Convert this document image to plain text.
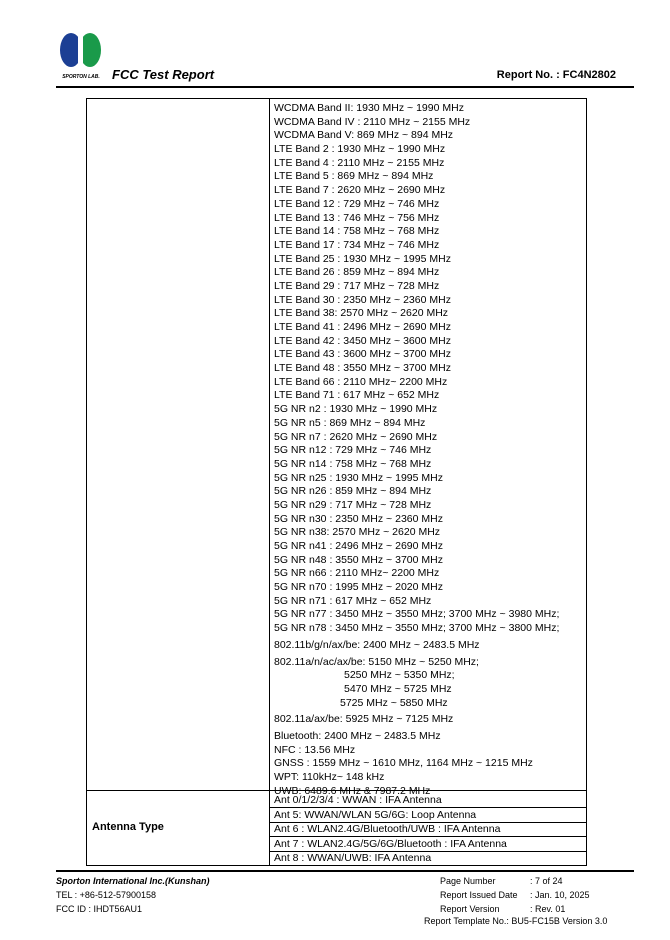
SPORTON LAB. FCC Test Report	Report No. : FC4N2802
WCDMA Band II: 1930 MHz ~ 1990 MHz
WCDMA Band IV : 2110 MHz ~ 2155 MHz
WCDMA Band V: 869 MHz ~ 894 MHz
LTE Band 2 : 1930 MHz ~ 1990 MHz
LTE Band 4 : 2110 MHz ~ 2155 MHz
LTE Band 5 : 869 MHz ~ 894 MHz
LTE Band 7 : 2620 MHz ~ 2690 MHz
LTE Band 12 : 729 MHz ~ 746 MHz
LTE Band 13 : 746 MHz ~ 756 MHz
LTE Band 14 : 758 MHz ~ 768 MHz
LTE Band 17 : 734 MHz ~ 746 MHz
LTE Band 25 : 1930 MHz ~ 1995 MHz
LTE Band 26 : 859 MHz ~ 894 MHz
LTE Band 29 : 717 MHz ~ 728 MHz
LTE Band 30 : 2350 MHz ~ 2360 MHz
LTE Band 38: 2570 MHz ~ 2620 MHz
LTE Band 41 : 2496 MHz ~ 2690 MHz
LTE Band 42 : 3450 MHz ~ 3600 MHz
LTE Band 43 : 3600 MHz ~ 3700 MHz
LTE Band 48 : 3550 MHz ~ 3700 MHz
LTE Band 66 : 2110 MHz~ 2200 MHz
LTE Band 71 : 617 MHz ~ 652 MHz
5G NR n2 : 1930 MHz ~ 1990 MHz
5G NR n5 : 869 MHz ~ 894 MHz
5G NR n7 : 2620 MHz ~ 2690 MHz
5G NR n12 : 729 MHz ~ 746 MHz
5G NR n14 : 758 MHz ~ 768 MHz
5G NR n25 : 1930 MHz ~ 1995 MHz
5G NR n26 : 859 MHz ~ 894 MHz
5G NR n29 : 717 MHz ~ 728 MHz
5G NR n30 : 2350 MHz ~ 2360 MHz
5G NR n38: 2570 MHz ~ 2620 MHz
5G NR n41 : 2496 MHz ~ 2690 MHz
5G NR n48 : 3550 MHz ~ 3700 MHz
5G NR n66 : 2110 MHz~ 2200 MHz
5G NR n70 : 1995 MHz ~ 2020 MHz
5G NR n71 : 617 MHz ~ 652 MHz
5G NR n77 : 3450 MHz ~ 3550 MHz; 3700 MHz ~ 3980 MHz;
5G NR n78 : 3450 MHz ~ 3550 MHz; 3700 MHz ~ 3800 MHz;
802.11b/g/n/ax/be: 2400 MHz ~ 2483.5 MHz
802.11a/n/ac/ax/be: 5150 MHz ~ 5250 MHz;
5250 MHz ~ 5350 MHz;
5470 MHz ~ 5725 MHz
5725 MHz ~ 5850 MHz
802.11a/ax/be: 5925 MHz ~ 7125 MHz
Bluetooth: 2400 MHz ~ 2483.5 MHz
NFC : 13.56 MHz
GNSS : 1559 MHz ~ 1610 MHz, 1164 MHz ~ 1215 MHz
WPT: 110kHz~ 148 kHz
UWB: 6489.6 MHz & 7987.2 MHz
Antenna Type
Ant 0/1/2/3/4 : WWAN : IFA Antenna
Ant 5: WWAN/WLAN 5G/6G: Loop Antenna
Ant 6 : WLAN2.4G/Bluetooth/UWB : IFA Antenna
Ant 7 : WLAN2.4G/5G/6G/Bluetooth : IFA Antenna
Ant 8 : WWAN/UWB: IFA Antenna
Sporton International Inc.(Kunshan)
TEL : +86-512-57900158
FCC ID : IHDT56AU1
Page Number	: 7 of 24
Report Issued Date : Jan. 10, 2025
Report Version	: Rev. 01
Report Template No.: BU5-FC15B Version 3.0
